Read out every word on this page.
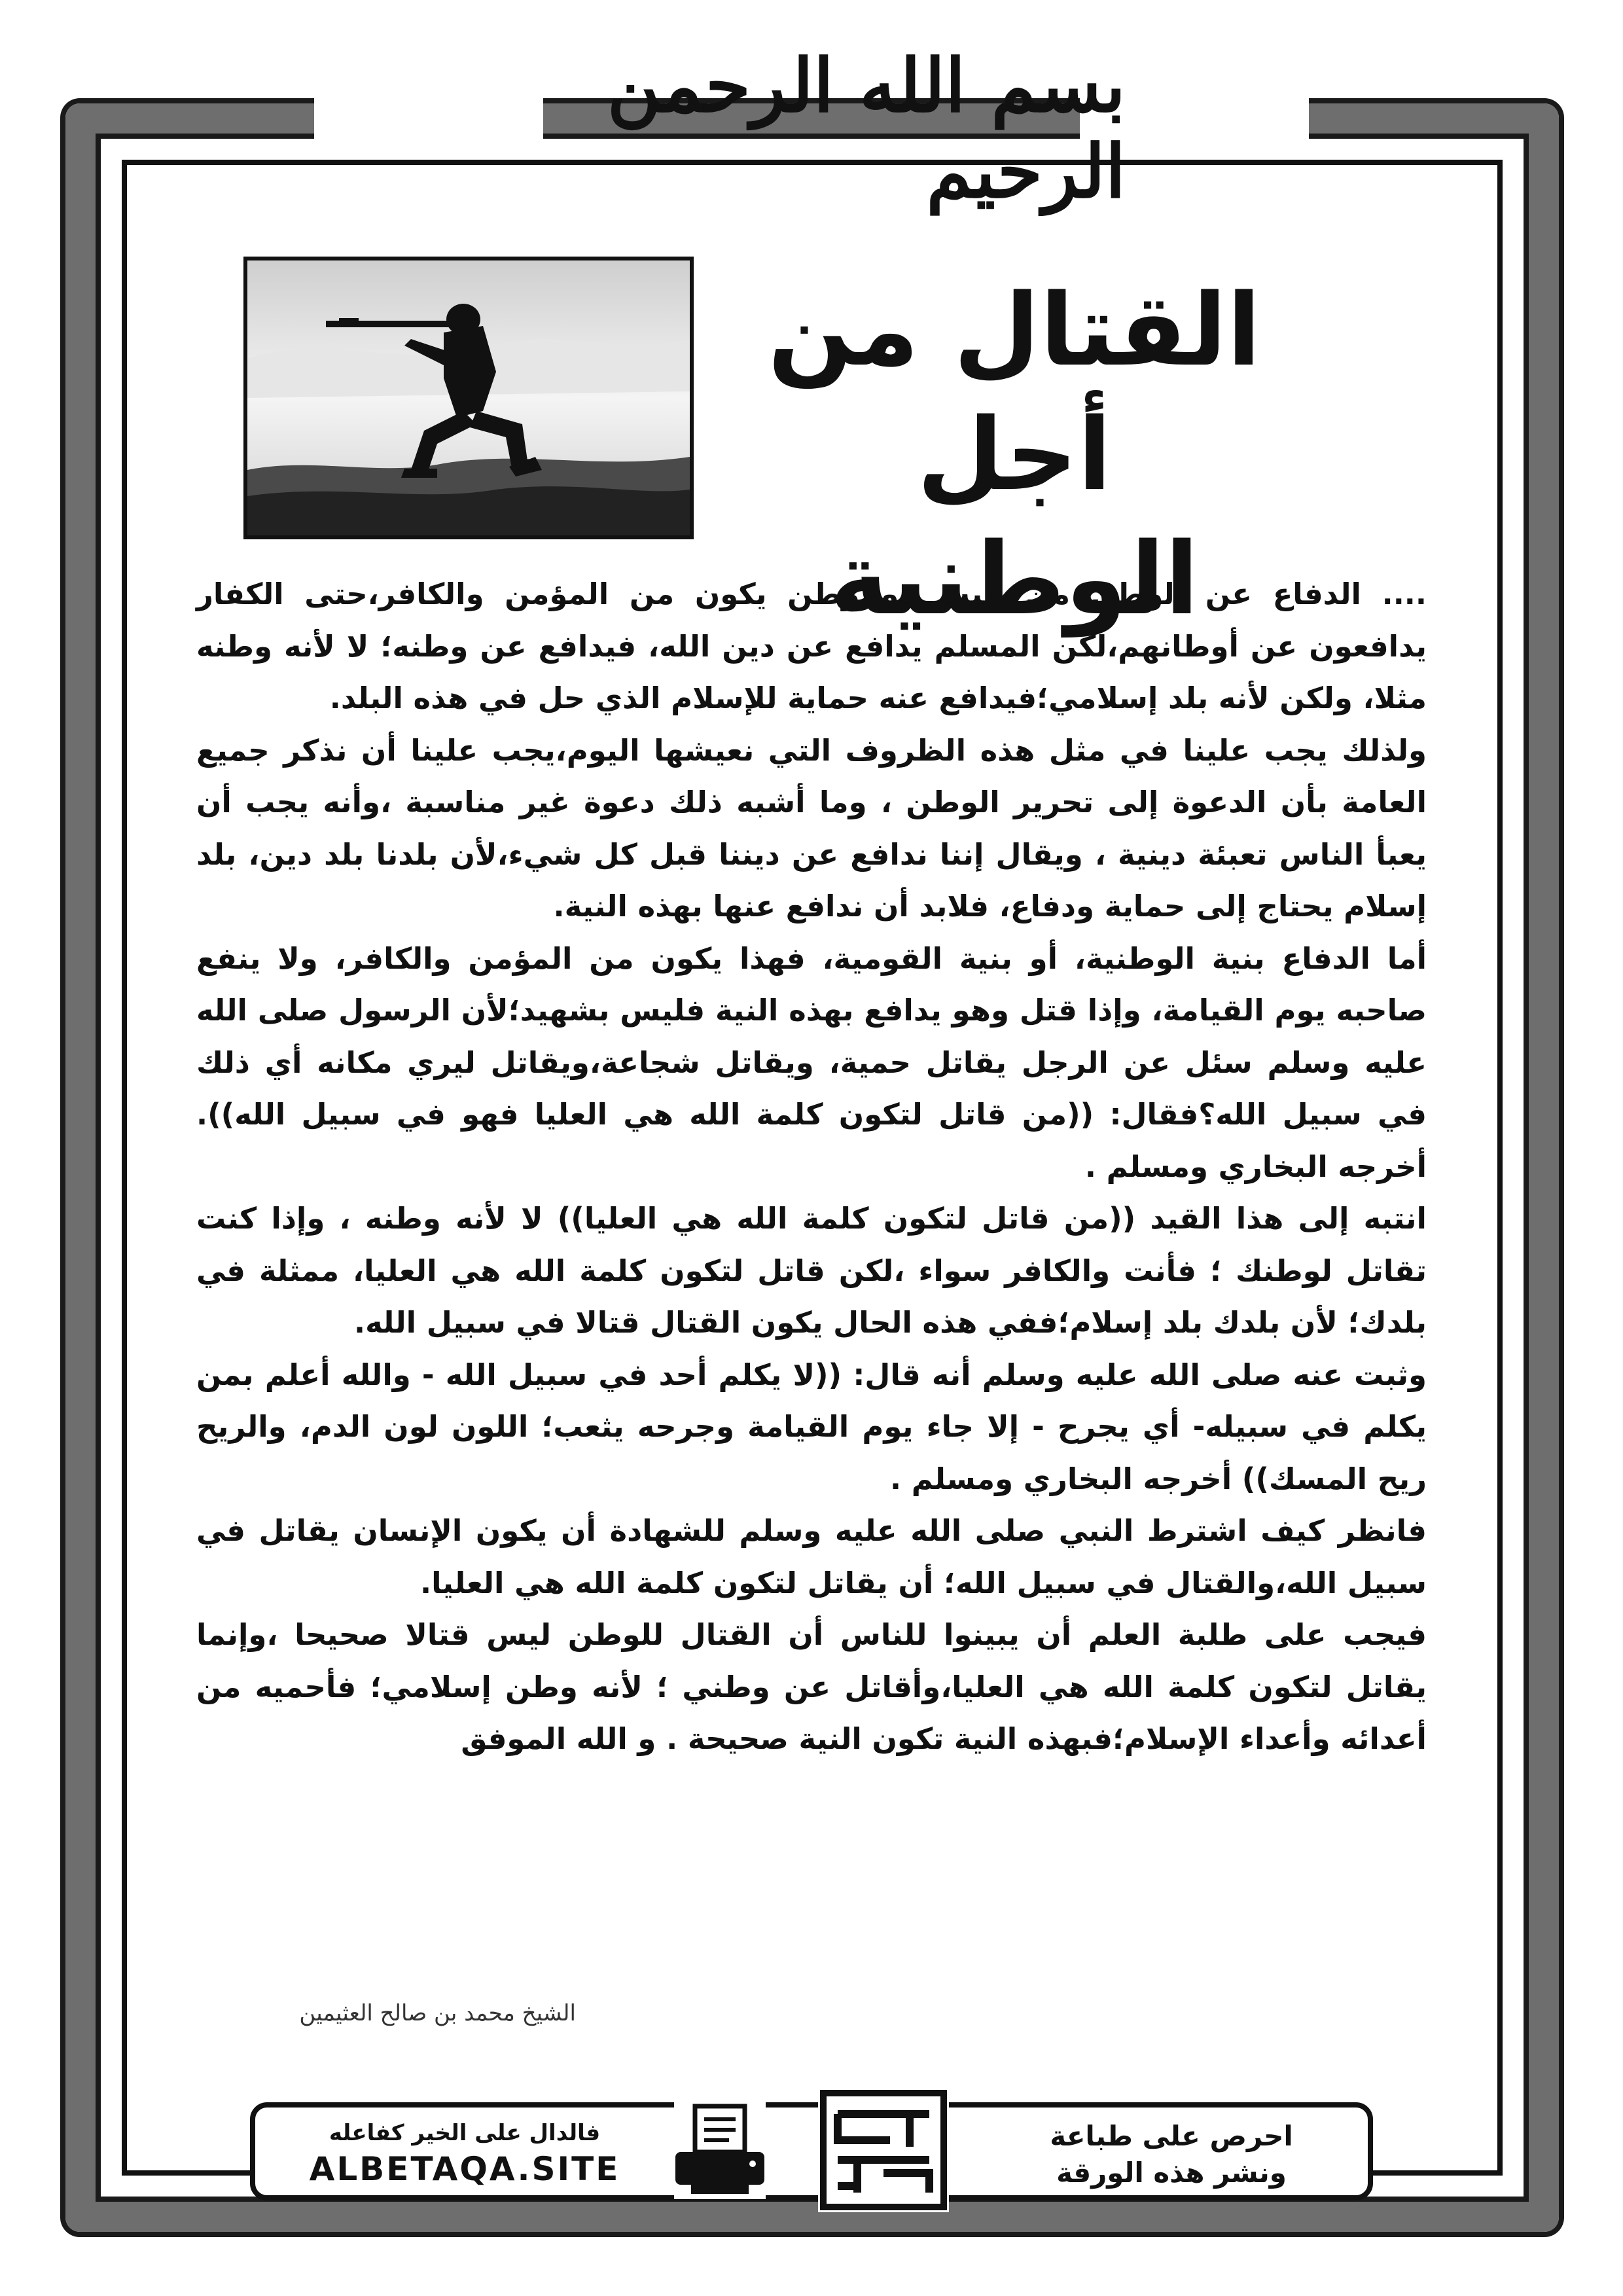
بسم الله الرحمن الرحيم
القتال من
أجل الوطنية

.... الدفاع عن الوطن من حيث هو وطن يكون من المؤمن والكافر،حتى الكفار يدافعون عن أوطانهم،لكن المسلم يدافع عن دين الله، فيدافع عن وطنه؛ لا لأنه وطنه مثلا، ولكن لأنه بلد إسلامي؛فيدافع عنه حماية للإسلام الذي حل في هذه البلد.

ولذلك يجب علينا في مثل هذه الظروف التي نعيشها اليوم،يجب علينا أن نذكر جميع العامة بأن الدعوة إلى تحرير الوطن ، وما أشبه ذلك دعوة غير مناسبة ،وأنه يجب أن يعبأ الناس تعبئة دينية ، ويقال إننا ندافع عن ديننا قبل كل شيء،لأن بلدنا بلد دين، بلد إسلام يحتاج إلى حماية ودفاع، فلابد أن ندافع عنها بهذه النية.

أما الدفاع بنية الوطنية، أو بنية القومية، فهذا يكون من المؤمن والكافر، ولا ينفع صاحبه يوم القيامة، وإذا قتل وهو يدافع بهذه النية فليس بشهيد؛لأن الرسول صلى الله عليه وسلم سئل عن الرجل يقاتل حمية، ويقاتل شجاعة،ويقاتل ليري مكانه أي ذلك في سبيل الله؟فقال: ((من قاتل لتكون كلمة الله هي العليا فهو في سبيل الله)). أخرجه البخاري ومسلم .

انتبه إلى هذا القيد ((من قاتل لتكون كلمة الله هي العليا)) لا لأنه وطنه ، وإذا كنت تقاتل لوطنك ؛ فأنت والكافر سواء ،لكن قاتل لتكون كلمة الله هي العليا، ممثلة في بلدك؛ لأن بلدك بلد إسلام؛ففي هذه الحال يكون القتال قتالا في سبيل الله.

وثبت عنه صلى الله عليه وسلم أنه قال: ((لا يكلم أحد في سبيل الله - والله أعلم بمن يكلم في سبيله- أي يجرح - إلا جاء يوم القيامة وجرحه يثعب؛ اللون لون الدم، والريح ريح المسك)) أخرجه البخاري ومسلم .

فانظر كيف اشترط النبي صلى الله عليه وسلم للشهادة أن يكون الإنسان يقاتل في سبيل الله،والقتال في سبيل الله؛ أن يقاتل لتكون كلمة الله هي العليا.

فيجب على طلبة العلم أن يبينوا للناس أن القتال للوطن ليس قتالا صحيحا ،وإنما يقاتل لتكون كلمة الله هي العليا،وأقاتل عن وطني ؛ لأنه وطن إسلامي؛ فأحميه من أعدائه وأعداء الإسلام؛فبهذه النية تكون النية صحيحة . و الله الموفق

الشيخ محمد بن صالح العثيمين
فالدال على الخير كفاعله
ALBETAQA.SITE
احرص على طباعة
ونشر هذه الورقة
